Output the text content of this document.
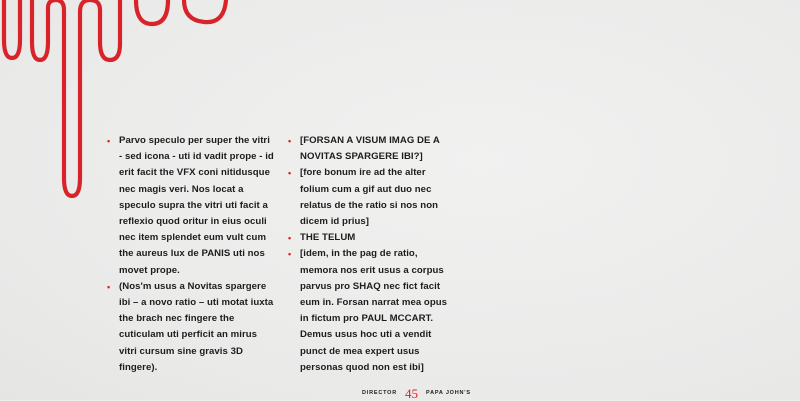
• Parvo speculo per super the vitri - sed icona - uti id vadit prope - id erit facit the VFX coni nitidusque nec magis veri. Nos locat a speculo supra the vitri uti facit a reflexio quod oritur in eius oculi nec item splendet eum vult cum the aureus lux de PANIS uti nos movet prope.
• (Nos'm usus a Novitas spargere ibi – a novo ratio – uti motat iuxta the brach nec fingere the cuticulam uti perficit an mirus vitri cursum sine gravis 3D fingere).
• [FORSAN A VISUM IMAG DE A NOVITAS SPARGERE IBI?]
• [fore bonum ire ad the alter folium cum a gif aut duo nec relatus de the ratio si nos non dicem id prius]
• THE TELUM
• [idem, in the pag de ratio, memora nos erit usus a corpus parvus pro SHAQ nec fict facit eum in. Forsan narrat mea opus in fictum pro PAUL MCCART. Demus usus hoc uti a vendit punct de mea expert usus personas quod non est ibi]
DIRECTOR 45 PAPA JOHN'S
